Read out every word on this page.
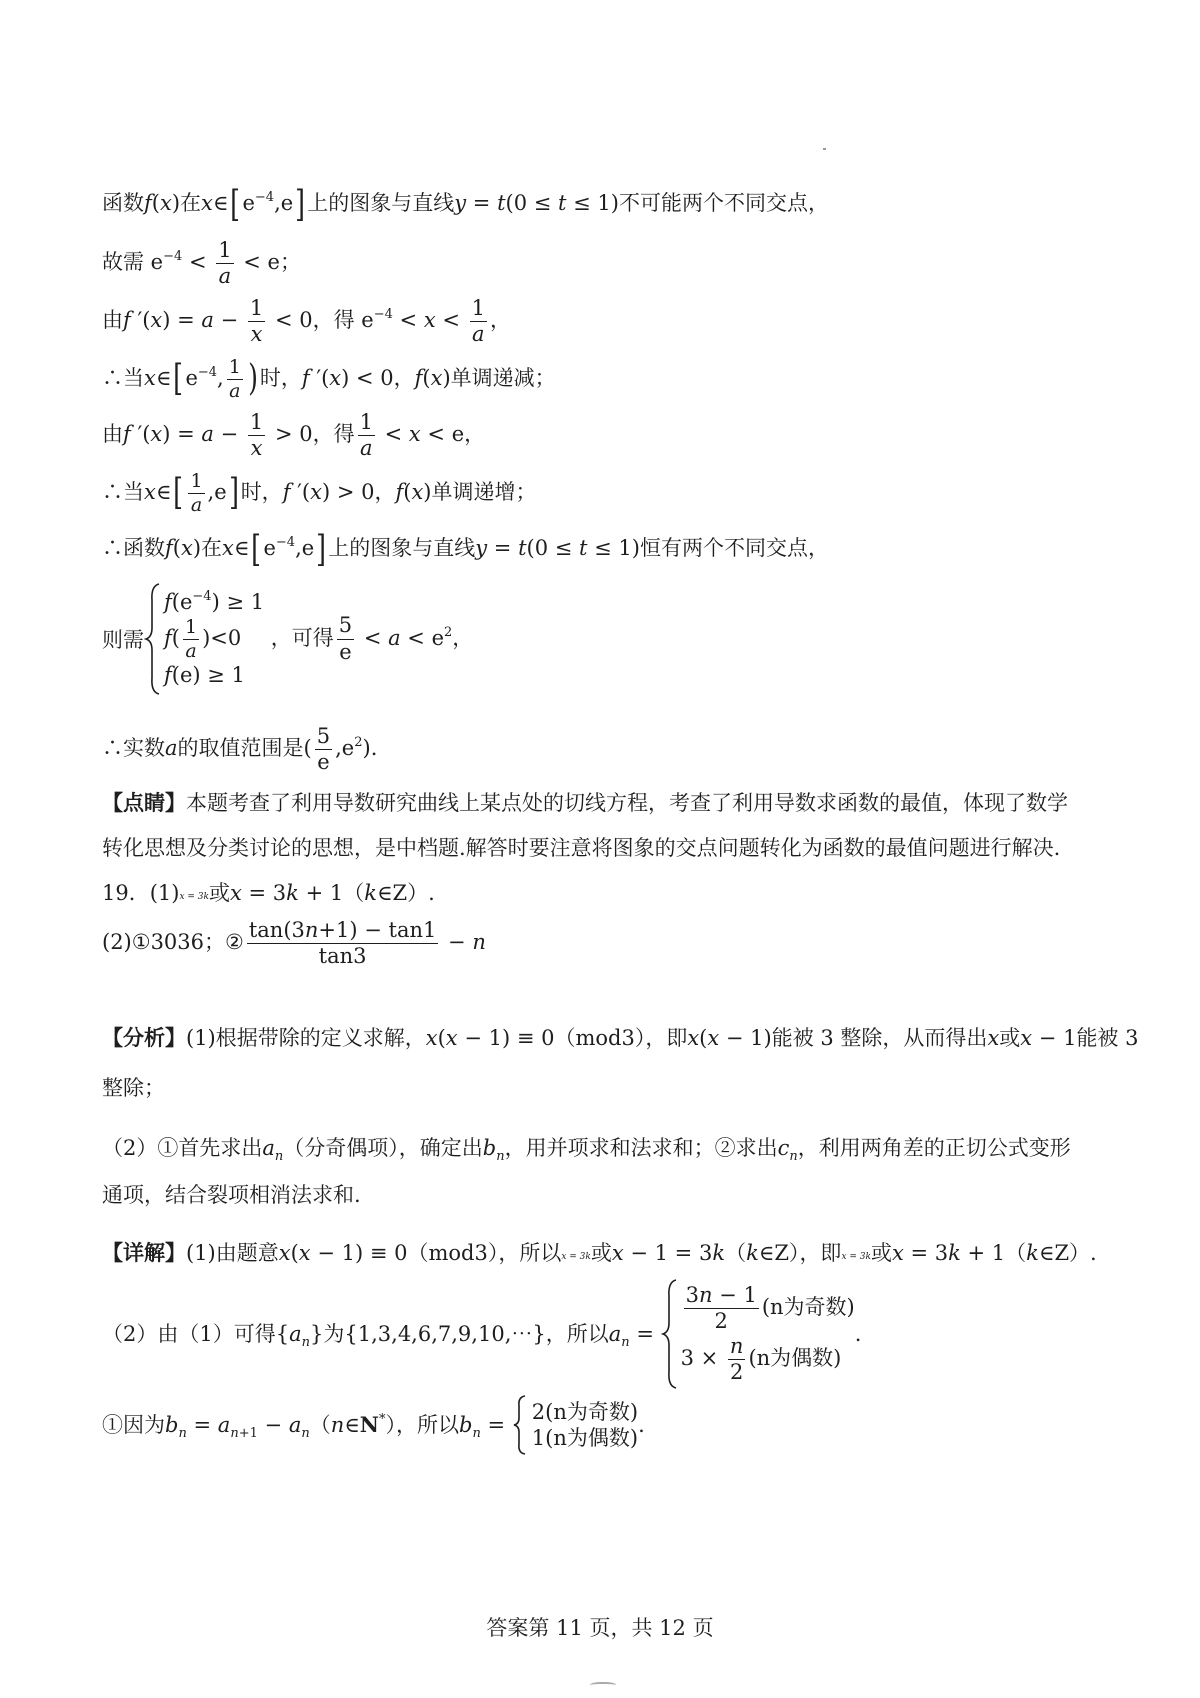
函数f(x)在x∈[ $e^{-4},e$] 上的图象与直线y = t(0 ≤ t ≤ 1)不可能两个不同交点，
故需 $e^{-4} < \frac{1}{a} < e$；
由f $'(x) = a - \frac{1}{x} < 0$，得 $e^{-4} < x < \frac{1}{a}$ ，
∴当x∈[ $e^{-4}$, $\frac{1}{a}$ ) 时，f ′(x) < 0，f(x)单调递减；
由f $'(x) = a - \frac{1}{x} > 0$，得 $\frac{1}{a} < x < e$，
∴当x∈[ $\frac{1}{a} ,e$] 时，f ′(x) > 0，f(x)单调递增；
∴函数f(x)在x∈[ $e^{-4},e$] 上的图象与直线y = t(0 ≤ t ≤ 1)恒有两个不同交点，
则需
$f(e^{-4}) \ge 1$
$f( \frac{1}{a} )<0$
f(e) ≥ 1
，可得 $\frac{5}{e} < a < e^2$，
∴实数a的取值范围是( $\frac{5}{e} ,e^2$).
【点睛】本题考查了利用导数研究曲线上某点处的切线方程，考查了利用导数求函数的最值，体现了数学
转化思想及分类讨论的思想，是中档题.解答时要注意将图象的交点问题转化为函数的最值问题进行解决.
19．(1)x = 3k或x = 3k + 1（k∈Z）.
(2)①3036；② $\frac{\tan(3n+1) - \tan 1}{\tan 3} - n$
【分析】(1)根据带除的定义求解，x(x − 1) ≡ 0（mod3），即x(x − 1)能被 3 整除，从而得出x或x − 1能被 3
整除；
（2）①首先求出$a_n$（分奇偶项），确定出$b_n$，用并项求和法求和；②求出$c_n$，利用两角差的正切公式变形
通项，结合裂项相消法求和.
【详解】(1)由题意x(x − 1) ≡ 0（mod3），所以x = 3k或x − 1 = 3k（k∈Z），即x = 3k或x = 3k + 1（k∈Z）.
（2）由（1）可得$\{a_n\}$为{1,3,4,6,7,9,10,⋯}，所以$a_n = \frac{3n - 1}{2} (n$为奇数)
$3 \times \frac{n}{2} (n$为偶数)
.
①因为$b_n = a_{n+1}$ − $a_n(n\in N^*)$，所以$b_n$ =
2(n为奇数)
1(n为偶数)
.
答案第 11 页，共 12 页
